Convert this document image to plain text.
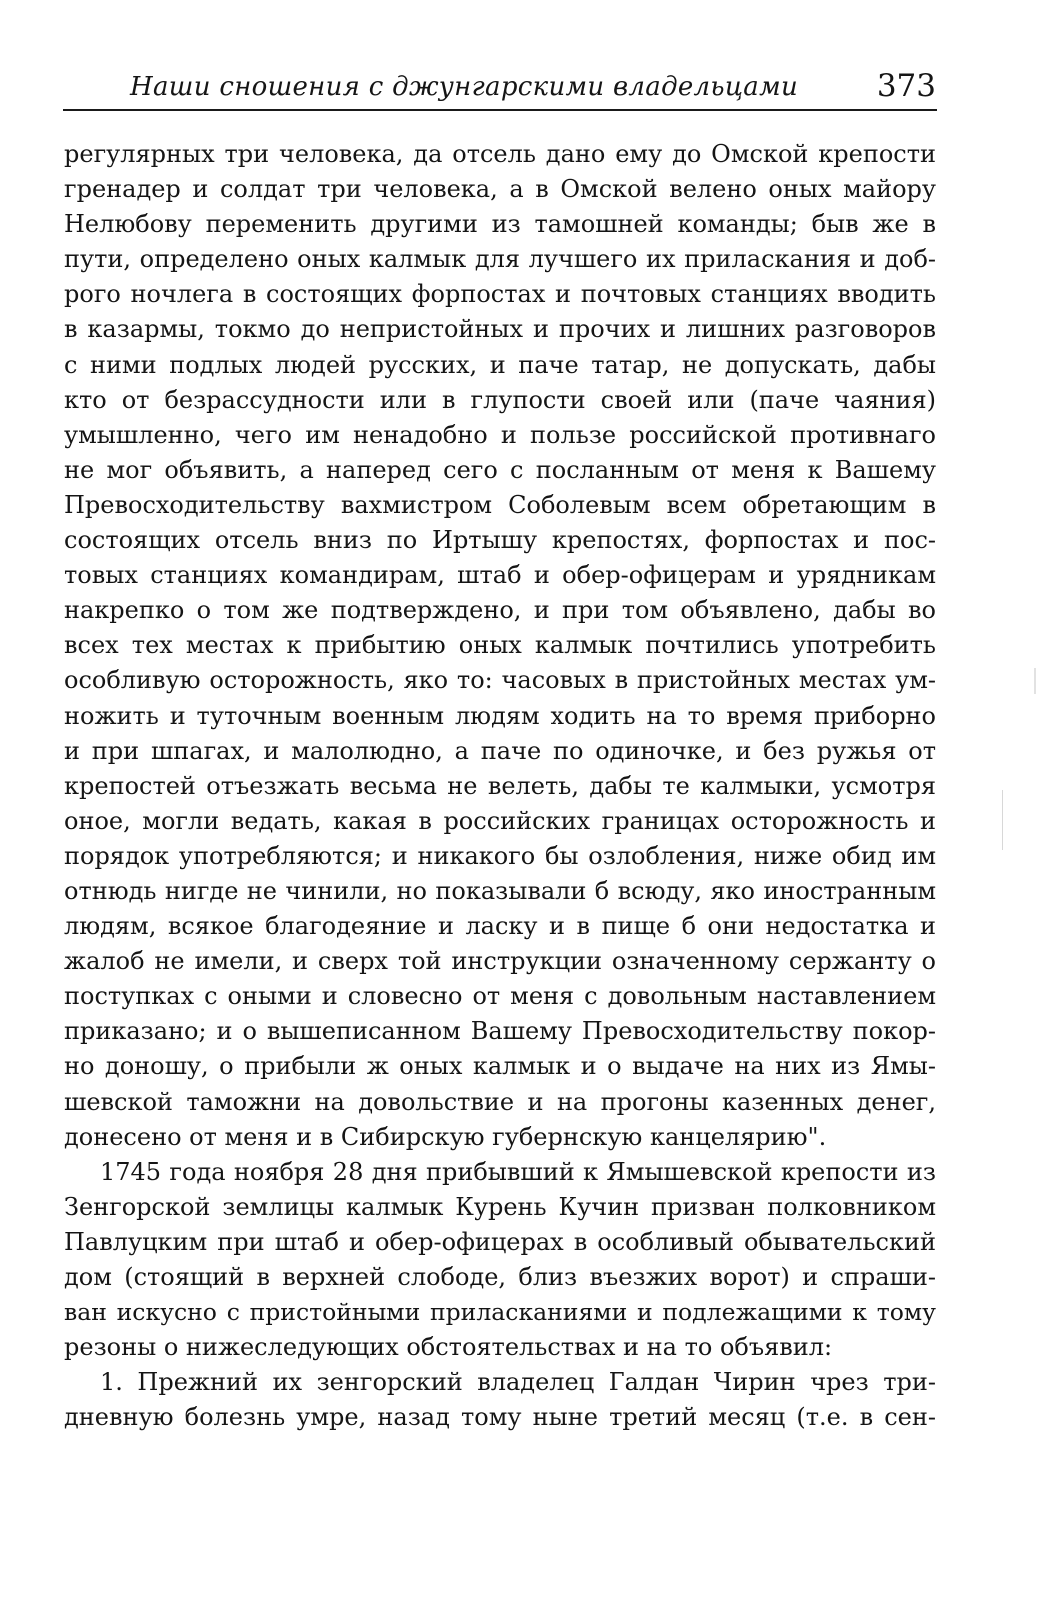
Наши сношения с джунгарскими владельцами	373
регулярных три человека, да отсель дано ему до Омской крепости
гренадер и солдат три человека, а в Омской велено оных майору
Нелюбову переменить другими из тамошней команды; быв же в
пути, определено оных калмык для лучшего их приласкания и доб-
рого ночлега в состоящих форпостах и почтовых станциях вводить
в казармы, токмо до непристойных и прочих и лишних разговоров
с ними подлых людей русских, и паче татар, не допускать, дабы
кто от безрассудности или в глупости своей или (паче чаяния)
умышленно, чего им ненадобно и пользе российской противнаго
не мог объявить, а наперед сего с посланным от меня к Вашему
Превосходительству вахмистром Соболевым всем обретающим в
состоящих отсель вниз по Иртышу крепостях, форпостах и пос-
товых станциях командирам, штаб и обер-офицерам и урядникам
накрепко о том же подтверждено, и при том объявлено, дабы во
всех тех местах к прибытию оных калмык почтились употребить
особливую осторожность, яко то: часовых в пристойных местах ум-
ножить и туточным военным людям ходить на то время приборно
и при шпагах, и малолюдно, а паче по одиночке, и без ружья от
крепостей отъезжать весьма не велеть, дабы те калмыки, усмотря
оное, могли ведать, какая в российских границах осторожность и
порядок употребляются; и никакого бы озлобления, ниже обид им
отнюдь нигде не чинили, но показывали б всюду, яко иностранным
людям, всякое благодеяние и ласку и в пище б они недостатка и
жалоб не имели, и сверх той инструкции означенному сержанту о
поступках с оными и словесно от меня с довольным наставлением
приказано; и о вышеписанном Вашему Превосходительству покор-
но доношу, о прибыли ж оных калмык и о выдаче на них из Ямы-
шевской таможни на довольствие и на прогоны казенных денег,
донесено от меня и в Сибирскую губернскую канцелярию".
1745 года ноября 28 дня прибывший к Ямышевской крепости из
Зенгорской землицы калмык Курень Кучин призван полковником
Павлуцким при штаб и обер-офицерах в особливый обывательский
дом (стоящий в верхней слободе, близ въезжих ворот) и спраши-
ван искусно с пристойными приласканиями и подлежащими к тому
резоны о нижеследующих обстоятельствах и на то объявил:
1. Прежний их зенгорский владелец Галдан Чирин чрез три-
дневную болезнь умре, назад тому ныне третий месяц (т.е. в сен-
